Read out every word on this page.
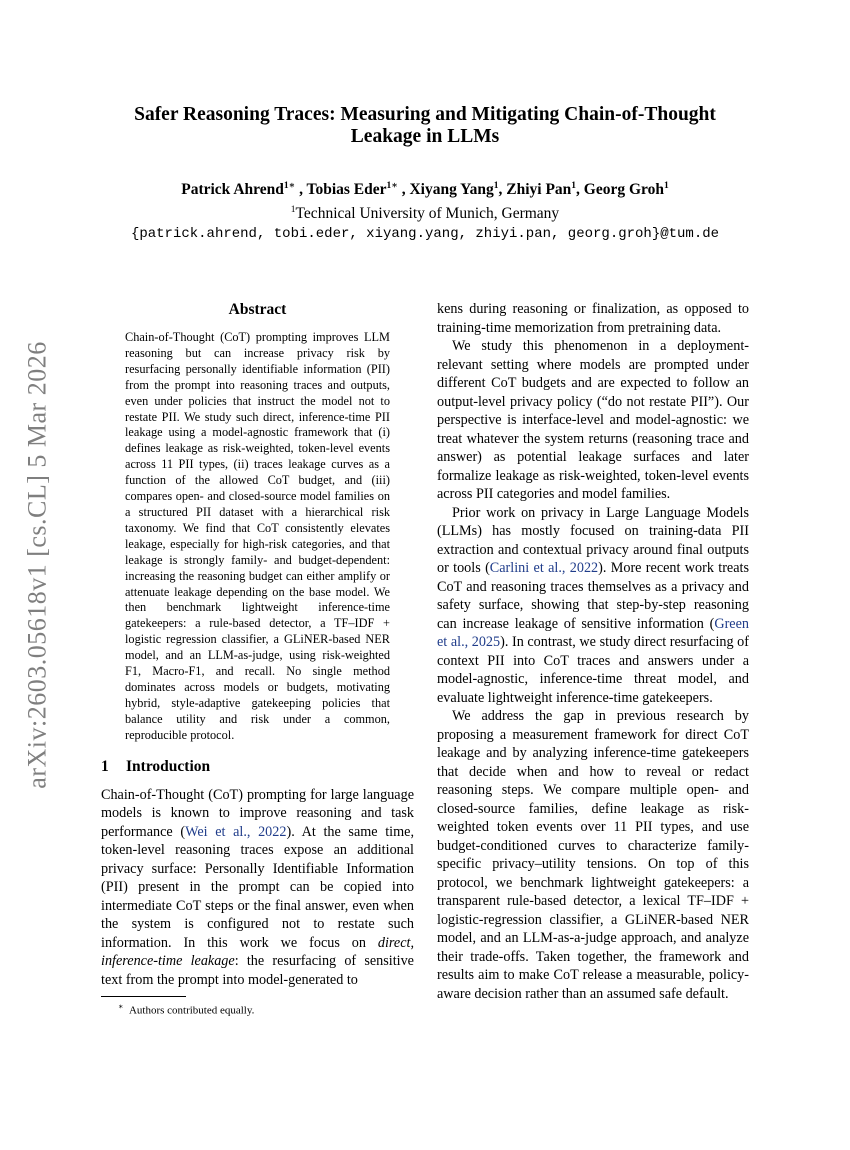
arXiv:2603.05618v1 [cs.CL] 5 Mar 2026
Safer Reasoning Traces: Measuring and Mitigating Chain-of-Thought
Leakage in LLMs
Patrick Ahrend$^{1∗}$ , Tobias Eder$^{1∗}$ , Xiyang Yang$^1$, Zhiyi Pan$^1$, Georg Groh$^1$
$^1$Technical University of Munich, Germany
{patrick.ahrend, tobi.eder, xiyang.yang, zhiyi.pan, georg.groh}@tum.de
Abstract

Chain-of-Thought (CoT) prompting improves LLM reasoning but can increase privacy risk by resurfacing personally identifiable information (PII) from the prompt into reasoning traces and outputs, even under policies that instruct the model not to restate PII. We study such direct, inference-time PII leakage using a model-agnostic framework that (i) defines leakage as risk-weighted, token-level events across 11 PII types, (ii) traces leakage curves as a function of the allowed CoT budget, and (iii) compares open- and closed-source model families on a structured PII dataset with a hierarchical risk taxonomy. We find that CoT consistently elevates leakage, especially for high-risk categories, and that leakage is strongly family- and budget-dependent: increasing the reasoning budget can either amplify or attenuate leakage depending on the base model. We then benchmark lightweight inference-time gatekeepers: a rule-based detector, a TF–IDF + logistic regression classifier, a GLiNER-based NER model, and an LLM-as-judge, using risk-weighted F1, Macro-F1, and recall. No single method dominates across models or budgets, motivating hybrid, style-adaptive gatekeeping policies that balance utility and risk under a common, reproducible protocol.

1	Introduction

Chain-of-Thought (CoT) prompting for large language models is known to improve reasoning and task performance (Wei et al., 2022). At the same time, token-level reasoning traces expose an additional privacy surface: Personally Identifiable Information (PII) present in the prompt can be copied into intermediate CoT steps or the final answer, even when the system is configured not to restate such information. In this work we focus on direct, inference-time leakage: the resurfacing of sensitive text from the prompt into model-generated to

∗ Authors contributed equally.

kens during reasoning or finalization, as opposed to training-time memorization from pretraining data.

We study this phenomenon in a deployment-relevant setting where models are prompted under different CoT budgets and are expected to follow an output-level privacy policy (“do not restate PII”). Our perspective is interface-level and model-agnostic: we treat whatever the system returns (reasoning trace and answer) as potential leakage surfaces and later formalize leakage as risk-weighted, token-level events across PII categories and model families.

Prior work on privacy in Large Language Models (LLMs) has mostly focused on training-data PII extraction and contextual privacy around final outputs or tools (Carlini et al., 2022). More recent work treats CoT and reasoning traces themselves as a privacy and safety surface, showing that step-by-step reasoning can increase leakage of sensitive information (Green et al., 2025). In contrast, we study direct resurfacing of context PII into CoT traces and answers under a model-agnostic, inference-time threat model, and evaluate lightweight inference-time gatekeepers.

We address the gap in previous research by proposing a measurement framework for direct CoT leakage and by analyzing inference-time gatekeepers that decide when and how to reveal or redact reasoning steps. We compare multiple open- and closed-source families, define leakage as risk-weighted token events over 11 PII types, and use budget-conditioned curves to characterize family-specific privacy–utility tensions. On top of this protocol, we benchmark lightweight gatekeepers: a transparent rule-based detector, a lexical TF–IDF + logistic-regression classifier, a GLiNER-based NER model, and an LLM-as-a-judge approach, and analyze their trade-offs. Taken together, the framework and results aim to make CoT release a measurable, policy-aware decision rather than an assumed safe default.
